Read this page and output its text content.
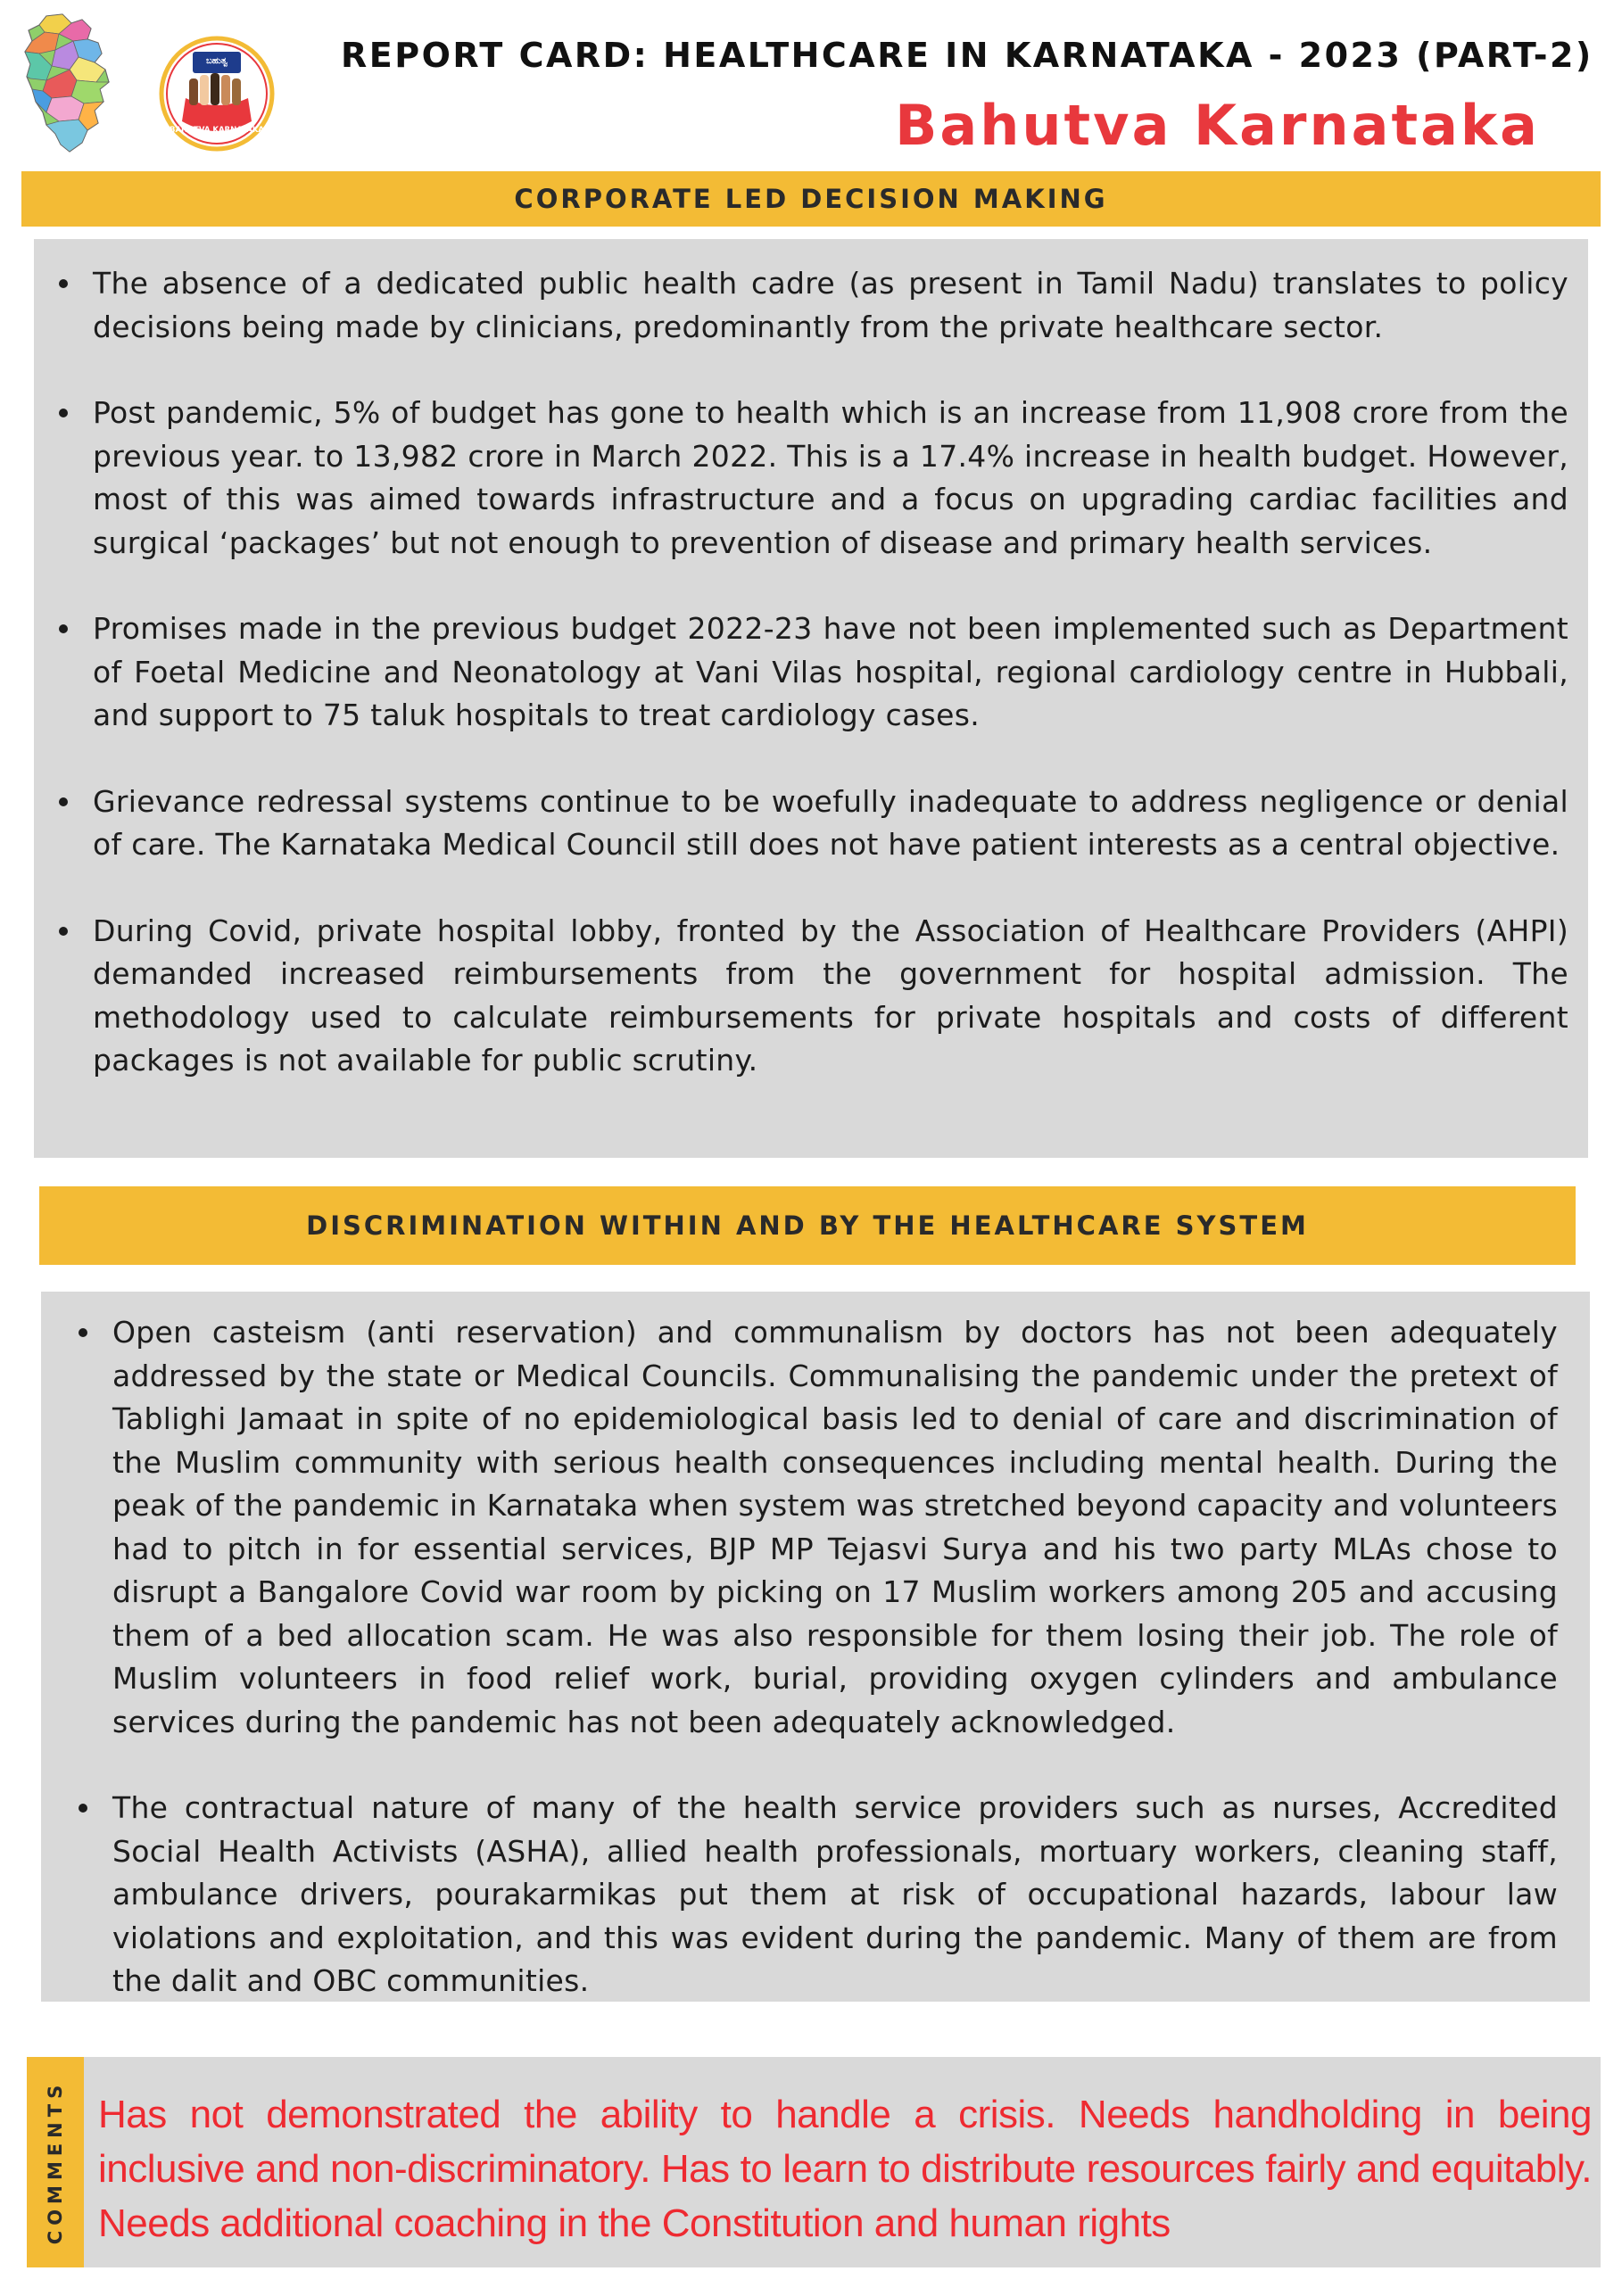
ಬಹುತ್ವ
BAHUTVA KARNATAKA
REPORT CARD: HEALTHCARE IN KARNATAKA - 2023 (PART-2)
Bahutva Karnataka
CORPORATE LED DECISION MAKING
The absence of a dedicated public health cadre (as present in Tamil Nadu) translates to policy decisions being made by clinicians, predominantly from the private healthcare sector.
Post pandemic, 5% of budget has gone to health which is an increase from 11,908 crore from the previous year. to 13,982 crore in March 2022. This is a 17.4% increase in health budget. However, most of this was aimed towards infrastructure and a focus on upgrading cardiac facilities and surgical ‘packages’ but not enough to prevention of disease and primary health services.
Promises made in the previous budget 2022-23 have not been implemented such as Department of Foetal Medicine and Neonatology at Vani Vilas hospital, regional cardiology centre in Hubbali, and support to 75 taluk hospitals to treat cardiology cases.
Grievance redressal systems continue to be woefully inadequate to address negligence or denial of care. The Karnataka Medical Council still does not have patient interests as a central objective.
During Covid, private hospital lobby, fronted by the Association of Healthcare Providers (AHPI) demanded increased reimbursements from the government for hospital admission. The methodology used to calculate reimbursements for private hospitals and costs of different packages is not available for public scrutiny.
DISCRIMINATION WITHIN AND BY THE HEALTHCARE SYSTEM
Open casteism (anti reservation) and communalism by doctors has not been adequately addressed by the state or Medical Councils. Communalising the pandemic under the pretext of Tablighi Jamaat in spite of no epidemiological basis led to denial of care and discrimination of the Muslim community with serious health consequences including mental health. During the peak of the pandemic in Karnataka when system was stretched beyond capacity and volunteers had to pitch in for essential services, BJP MP Tejasvi Surya and his two party MLAs chose to disrupt a Bangalore Covid war room by picking on 17 Muslim workers among 205 and accusing them of a bed allocation scam. He was also responsible for them losing their job. The role of Muslim volunteers in food relief work, burial, providing oxygen cylinders and ambulance services during the pandemic has not been adequately acknowledged.
The contractual nature of many of the health service providers such as nurses, Accredited Social Health Activists (ASHA), allied health professionals, mortuary workers, cleaning staff, ambulance drivers, pourakarmikas put them at risk of occupational hazards, labour law violations and exploitation, and this was evident during the pandemic. Many of them are from the dalit and OBC communities.
COMMENTS Has not demonstrated the ability to handle a crisis. Needs handholding in being inclusive and non-discriminatory. Has to learn to distribute resources fairly and equitably. Needs additional coaching in the Constitution and human rights
